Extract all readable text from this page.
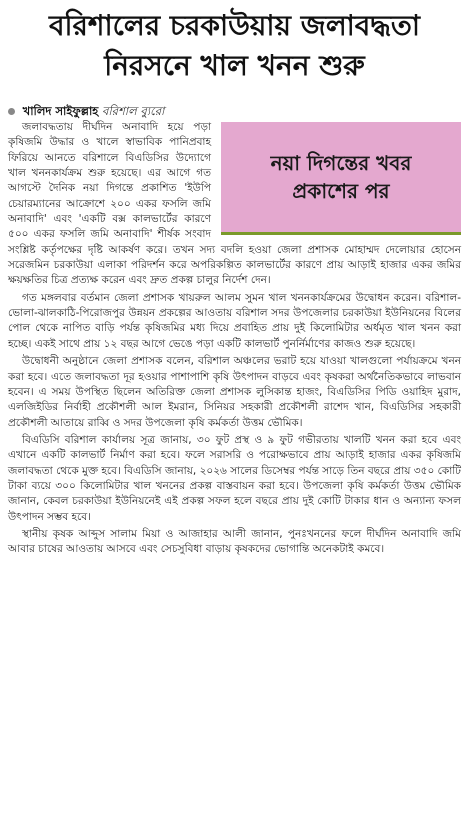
বরিশালের চরকাউয়ায় জলাবদ্ধতা
নিরসনে খাল খনন শুরু
খালিদ সাইফুল্লাহ বরিশাল ব্যুরো
নয়া দিগন্তের খবর
প্রকাশের পর

জলাবদ্ধতায় দীর্ঘদিন অনাবাদি হয়ে পড়া কৃষিজমি উদ্ধার ও খালে স্বাভাবিক পানিপ্রবাহ ফিরিয়ে আনতে বরিশালে বিএডিসির উদ্যোগে খাল খননকার্যক্রম শুরু হয়েছে। এর আগে গত আগস্টে দৈনিক নয়া দিগন্তে প্রকাশিত 'ইউপি চেয়ারম্যানের আক্রোশে ২০০ একর ফসলি জমি অনাবাদি' এবং 'একটি বক্স কালভার্টের কারণে ৫০০ একর ফসলি জমি অনাবাদি' শীর্ষক সংবাদ সংশ্লিষ্ট কর্তৃপক্ষের দৃষ্টি আকর্ষণ করে। তখন সদ্য বদলি হওয়া জেলা প্রশাসক মোহাম্মদ দেলোয়ার হোসেন সরেজমিন চরকাউয়া এলাকা পরিদর্শন করে অপরিকল্পিত কালভার্টের কারণে প্রায় আড়াই হাজার একর জমির ক্ষয়ক্ষতির চিত্র প্রত্যক্ষ করেন এবং দ্রুত প্রকল্প চালুর নির্দেশ দেন।

গত মঙ্গলবার বর্তমান জেলা প্রশাসক খায়রুল আলম সুমন খাল খননকার্যক্রমের উদ্বোধন করেন। বরিশাল-ভোলা-ঝালকাঠি-পিরোজপুর উন্নয়ন প্রকল্পের আওতায় বরিশাল সদর উপজেলার চরকাউয়া ইউনিয়নের বিলের পোল থেকে নাপিত বাড়ি পর্যন্ত কৃষিজমির মধ্য দিয়ে প্রবাহিত প্রায় দুই কিলোমিটার অর্ধমৃত খাল খনন করা হচ্ছে। একই সাথে প্রায় ১২ বছর আগে ভেঙে পড়া একটি কালভার্ট পুনর্নির্মাণের কাজও শুরু হয়েছে।

উদ্বোধনী অনুষ্ঠানে জেলা প্রশাসক বলেন, বরিশাল অঞ্চলের ভরাট হয়ে যাওয়া খালগুলো পর্যায়ক্রমে খনন করা হবে। এতে জলাবদ্ধতা দূর হওয়ার পাশাপাশি কৃষি উৎপাদন বাড়বে এবং কৃষকরা অর্থনৈতিকভাবে লাভবান হবেন। এ সময় উপস্থিত ছিলেন অতিরিক্ত জেলা প্রশাসক লুসিকান্ত হাজং, বিএডিসির পিডি ওয়াহিদ মুরাদ, এলজিইডির নির্বাহী প্রকৌশলী আল ইমরান, সিনিয়র সহকারী প্রকৌশলী রাশেদ খান, বিএডিসির সহকারী প্রকৌশলী আতায়ে রাব্বি ও সদর উপজেলা কৃষি কর্মকর্তা উত্তম ভৌমিক।

বিএডিসি বরিশাল কার্যালয় সূত্র জানায়, ৩০ ফুট প্রস্থ ও ৯ ফুট গভীরতায় খালটি খনন করা হবে এবং এখানে একটি কালভার্ট নির্মাণ করা হবে। ফলে সরাসরি ও পরোক্ষভাবে প্রায় আড়াই হাজার একর কৃষিজমি জলাবদ্ধতা থেকে মুক্ত হবে। বিএডিসি জানায়, ২০২৬ সালের ডিসেম্বর পর্যন্ত সাড়ে তিন বছরে প্রায় ৩৫০ কোটি টাকা ব্যয়ে ৩০০ কিলোমিটার খাল খননের প্রকল্প বাস্তবায়ন করা হবে। উপজেলা কৃষি কর্মকর্তা উত্তম ভৌমিক জানান, কেবল চরকাউয়া ইউনিয়নেই এই প্রকল্প সফল হলে বছরে প্রায় দুই কোটি টাকার ধান ও অন্যান্য ফসল উৎপাদন সম্ভব হবে।

স্থানীয় কৃষক আব্দুস সালাম মিয়া ও আজাহার আলী জানান, পুনঃখননের ফলে দীর্ঘদিন অনাবাদি জমি আবার চাষের আওতায় আসবে এবং সেচসুবিধা বাড়ায় কৃষকদের ভোগান্তি অনেকটাই কমবে।
